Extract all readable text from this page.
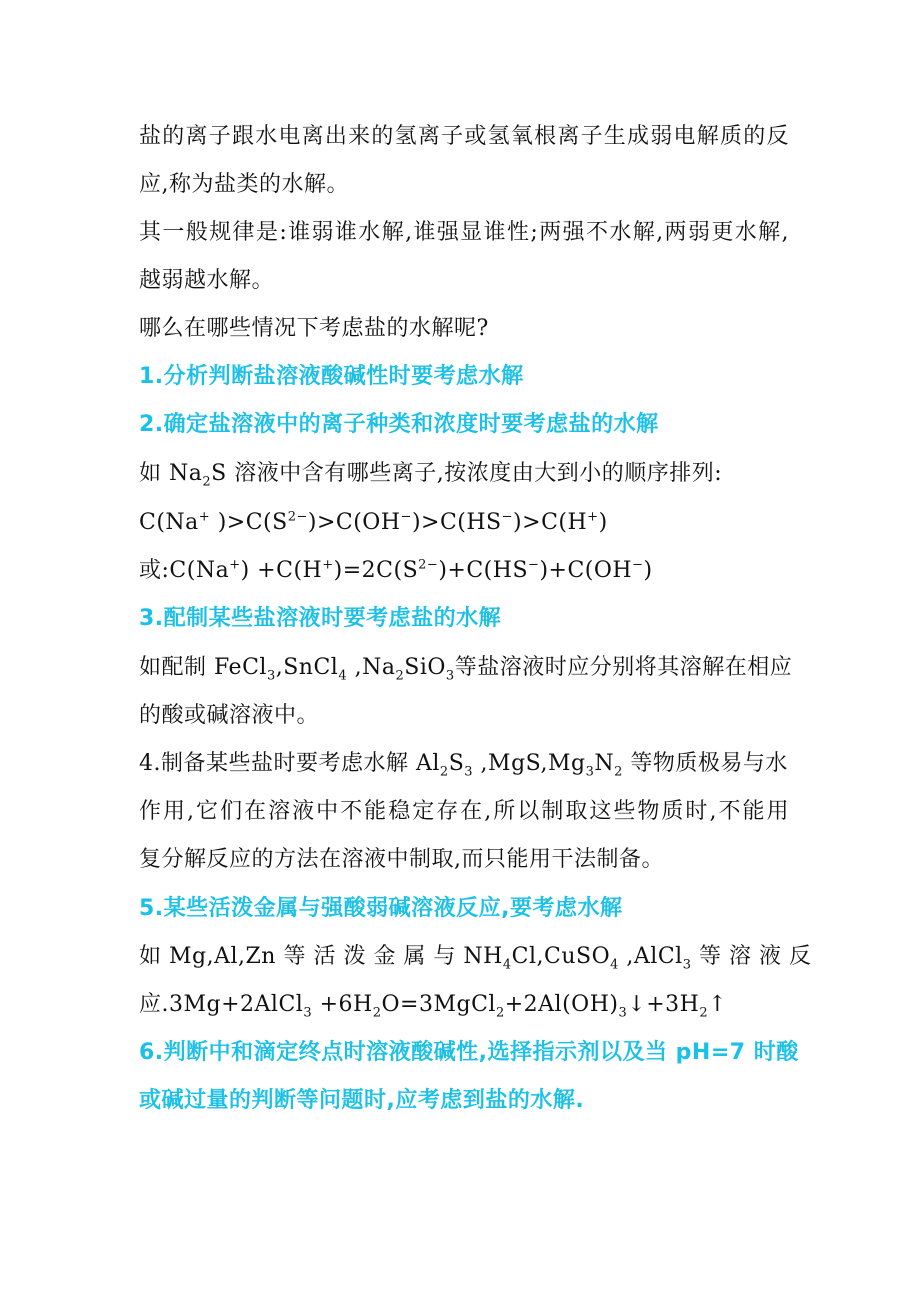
盐的离子跟水电离出来的氢离子或氢氧根离子生成弱电解质的反
应,称为盐类的水解。
其一般规律是:谁弱谁水解,谁强显谁性;两强不水解,两弱更水解,
越弱越水解。
哪么在哪些情况下考虑盐的水解呢?
1.分析判断盐溶液酸碱性时要考虑水解
2.确定盐溶液中的离子种类和浓度时要考虑盐的水解
如 $Na_2S$ 溶液中含有哪些离子,按浓度由大到小的顺序排列:
C(Na+ )$>C(S^{2-})>C(OH^-)>C(HS^-)>C(H^+)$
或:C(Na+) $+C(H^+)=2C(S^{2-})+C(HS^-)+C(OH^-)$
3.配制某些盐溶液时要考虑盐的水解
如配制 FeCl$_3$,SnCl$_4$ $,Na_2SiO_3$等盐溶液时应分别将其溶解在相应
的酸或碱溶液中。
4.制备某些盐时要考虑水解 $Al_2S_3$ $,MgS,Mg_3N_2$ 等物质极易与水
作用,它们在溶液中不能稳定存在,所以制取这些物质时,不能用
复分解反应的方法在溶液中制取,而只能用干法制备。
5.某些活泼金属与强酸弱碱溶液反应,要考虑水解
如 Mg,Al,Zn 等 活 泼 金 属 与 $NH_4Cl,CuSO_4$ ,AlCl$_3$ 等 溶 液 反
应.3Mg+2AlCl$_3$ $+6H_2O=3MgCl_2+2Al(OH)_3↓+3H_2↑$
6.判断中和滴定终点时溶液酸碱性,选择指示剂以及当 pH=7 时酸
或碱过量的判断等问题时,应考虑到盐的水解.
